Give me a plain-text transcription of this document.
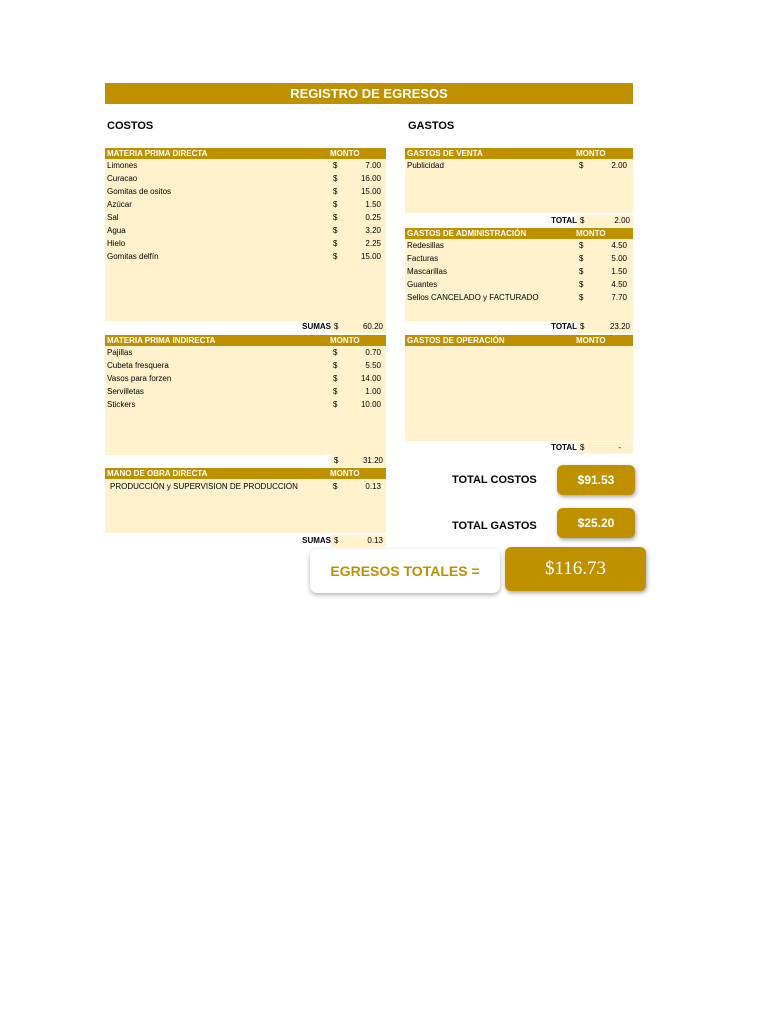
REGISTRO DE EGRESOS
COSTOS	GASTOS
MATERIA PRIMA DIRECTA	MONTO
Limones	$	7.00
Curacao	$	16.00
Gomitas de ositos	$	15.00
Azúcar	$	1.50
Sal	$	0.25
Agua	$	3.20
Hielo	$	2.25
Gomitas delfín	$	15.00
SUMAS $	60.20
MATERIA PRIMA INDIRECTA	MONTO
Pajillas	$	0.70
Cubeta fresquera	$	5.50
Vasos para forzen	$	14.00
Servilletas	$	1.00
Stickers	$	10.00
$	31.20
MANO DE OBRA DIRECTA	MONTO
PRODUCCIÓN y SUPERVISION DE PRODUCCION	$	0.13
SUMAS $	0.13
GASTOS DE VENTA	MONTO
Publicidad	$	2.00
TOTAL $	2.00
GASTOS DE ADMINISTRACIÓN	MONTO
Redesillas	$	4.50
Facturas	$	5.00
Mascarillas	$	1.50
Guantes	$	4.50
Sellos CANCELADO y FACTURADO	$	7.70
TOTAL $	23.20
GASTOS DE OPERACIÓN	MONTO
TOTAL $	-
TOTAL COSTOS	$91.53
TOTAL GASTOS	$25.20
EGRESOS TOTALES =	$116.73
